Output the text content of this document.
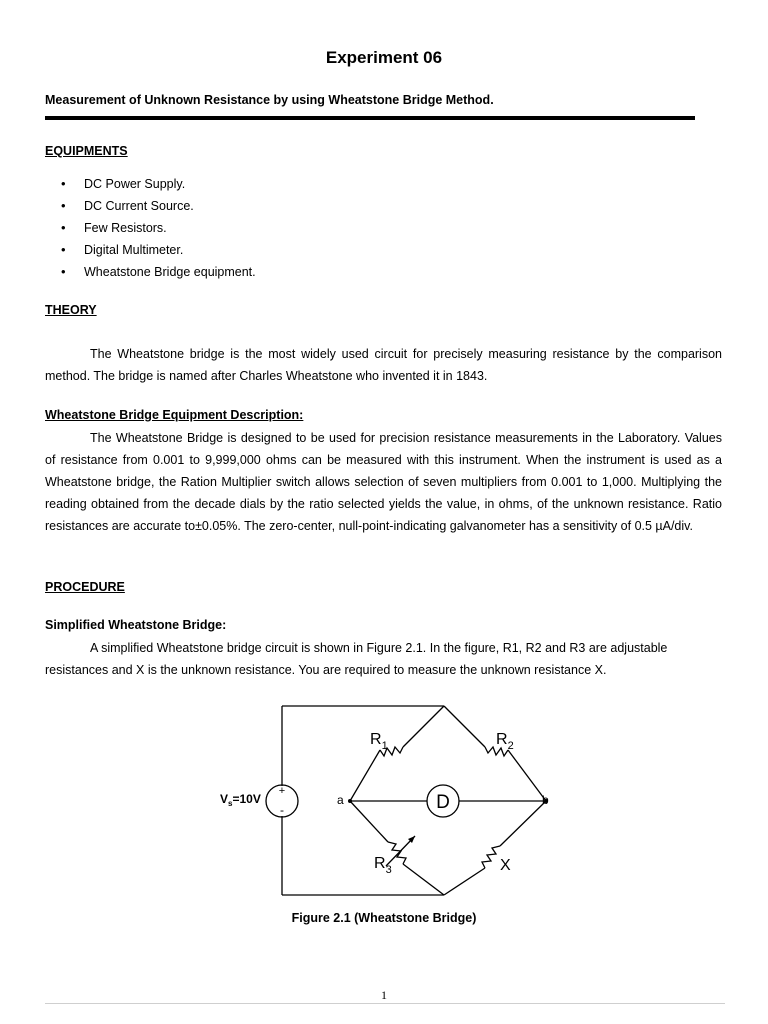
Experiment 06
Measurement of Unknown Resistance by using Wheatstone Bridge Method.
EQUIPMENTS
• DC Power Supply.
• DC Current Source.
• Few Resistors.
• Digital Multimeter.
• Wheatstone Bridge equipment.
THEORY

The Wheatstone bridge is the most widely used circuit for precisely measuring resistance by the comparison method. The bridge is named after Charles Wheatstone who invented it in 1843.

Wheatstone Bridge Equipment Description:

The Wheatstone Bridge is designed to be used for precision resistance measurements in the Laboratory. Values of resistance from 0.001 to 9,999,000 ohms can be measured with this instrument. When the instrument is used as a Wheatstone bridge, the Ration Multiplier switch allows selection of seven multipliers from 0.001 to 1,000. Multiplying the reading obtained from the decade dials by the ratio selected yields the value, in ohms, of the unknown resistance. Ratio resistances are accurate to±0.05%. The zero-center, null-point-indicating galvanometer has a sensitivity of 0.5 µA/div.

PROCEDURE
Simplified Wheatstone Bridge:

A simplified Wheatstone bridge circuit is shown in Figure 2.1. In the figure, R1, R2 and R3 are adjustable resistances and X is the unknown resistance. You are required to measure the unknown resistance X.

+
-
$V_s=10V$
$R_1$	$R_2$
$R_3$	X
D
a	b
Figure 2.1 (Wheatstone Bridge)
1
